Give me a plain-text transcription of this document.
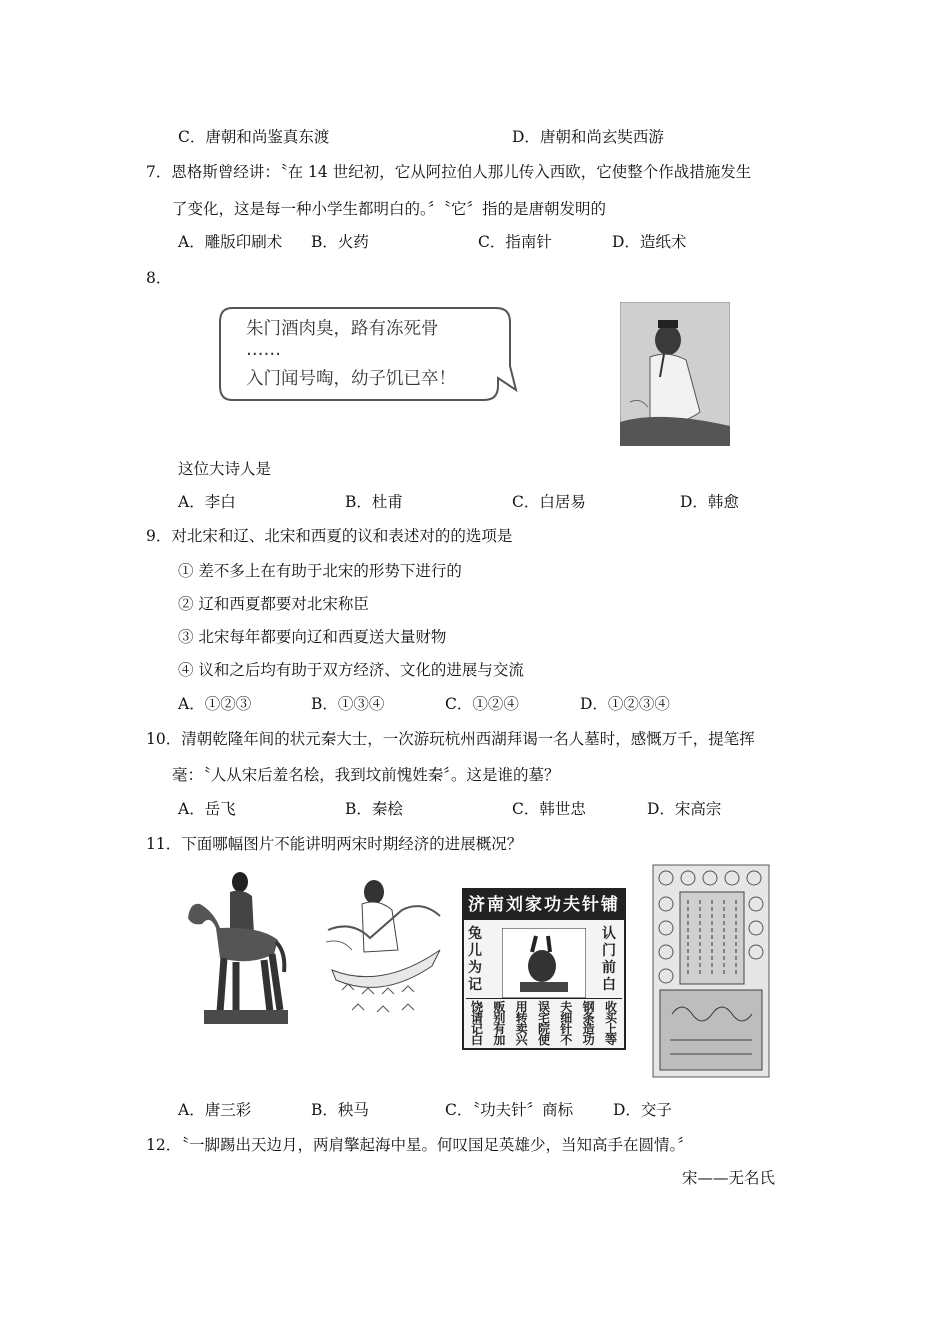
C．唐朝和尚鉴真东渡	D．唐朝和尚玄奘西游
7．恩格斯曾经讲：〝在 14 世纪初，它从阿拉伯人那儿传入西欧，它使整个作战措施发生
了变化，这是每一种小学生都明白的。〞〝它〞指的是唐朝发明的
A．雕版印刷术 B．火药	C．指南针	D．造纸术
8．
朱门酒肉臭，路有冻死骨
……
入门闻号啕，幼子饥已卒！
这位大诗人是
A．李白	B．杜甫	C．白居易	D．韩愈
9．对北宋和辽、北宋和西夏的议和表述对的的选项是
① 差不多上在有助于北宋的形势下进行的
② 辽和西夏都要对北宋称臣
③ 北宋每年都要向辽和西夏送大量财物
④ 议和之后均有助于双方经济、文化的进展与交流
A．①②③	B．①③④	C．①②④	D．①②③④
10．清朝乾隆年间的状元秦大士，一次游玩杭州西湖拜谒一名人墓时，感慨万千，提笔挥
毫：〝人从宋后羞名桧，我到坟前愧姓秦〞。这是谁的墓？
A．岳飞	B．秦桧	C．韩世忠	D．宋高宗
11．下面哪幅图片不能讲明两宋时期经济的进展概况？
济南刘家功夫针铺
兔儿为记
认门前白
收买上等
钢条造功
夫细针不
误宅院使
用转卖兴
贩别有加
饶请记白
A．唐三彩	B．秧马	C．〝功夫针〞商标	D．交子
12．〝一脚踢出天边月，两肩擎起海中星。何叹国足英雄少，当知高手在圆情。〞
宋——无名氏
